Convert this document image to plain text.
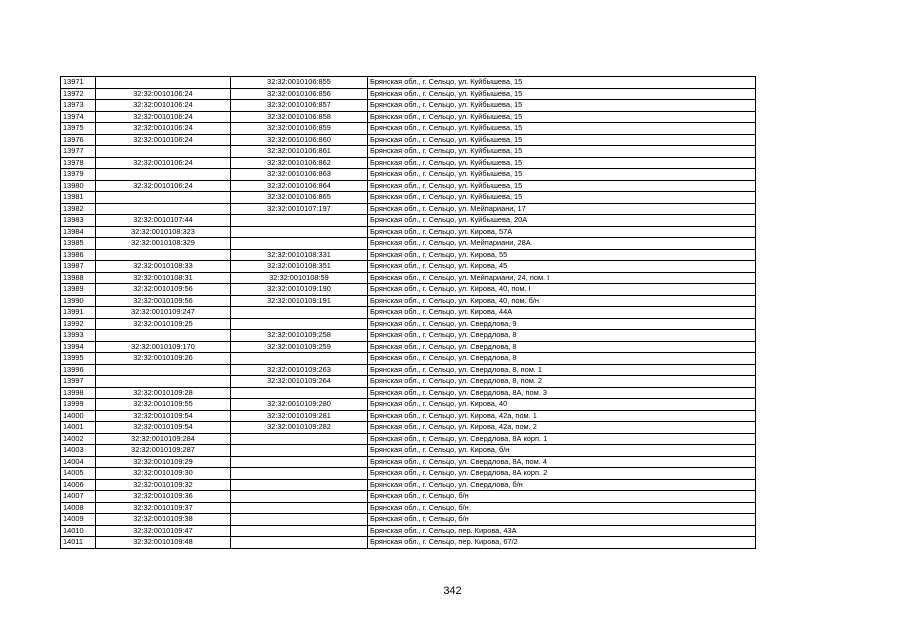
13971		32:32:0010106:855	Брянская обл., г. Сельцо, ул. Куйбышева, 15
13972	32:32:0010106:24	32:32:0010106:856	Брянская обл., г. Сельцо, ул. Куйбышева, 15
13973	32:32:0010106:24	32:32:0010106:857	Брянская обл., г. Сельцо, ул. Куйбышева, 15
13974	32:32:0010106:24	32:32:0010106:858	Брянская обл., г. Сельцо, ул. Куйбышева, 15
13975	32:32:0010106:24	32:32:0010106:859	Брянская обл., г. Сельцо, ул. Куйбышева, 15
13976	32:32:0010106:24	32:32:0010106:860	Брянская обл., г. Сельцо, ул. Куйбышева, 15
13977		32:32:0010106:861	Брянская обл., г. Сельцо, ул. Куйбышева, 15
13978	32:32:0010106:24	32:32:0010106:862	Брянская обл., г. Сельцо, ул. Куйбышева, 15
13979		32:32:0010106:863	Брянская обл., г. Сельцо, ул. Куйбышева, 15
13980	32:32:0010106:24	32:32:0010106:864	Брянская обл., г. Сельцо, ул. Куйбышева, 15
13981		32:32:0010106:865	Брянская обл., г. Сельцо, ул. Куйбышева, 15
13982		32:32:0010107:197	Брянская обл., г. Сельцо, ул. Мейпариани, 17
13983	32:32:0010107:44		Брянская обл., г. Сельцо, ул. Куйбышева, 20А
13984	32:32:0010108:323		Брянская обл., г. Сельцо, ул. Кирова, 57А
13985	32:32:0010108:329		Брянская обл., г. Сельцо, ул. Мейпариани, 28А
13986		32:32:0010108:331	Брянская обл., г. Сельцо, ул. Кирова, 55
13987	32:32:0010108:33	32:32:0010108:351	Брянская обл., г. Сельцо, ул. Кирова, 45
13988	32:32:0010108:31	32:32:0010108:59	Брянская обл., г. Сельцо, ул. Мейпариани, 24, пом. I
13989	32:32:0010109:56	32:32:0010109:190	Брянская обл., г. Сельцо, ул. Кирова, 40, пом. I
13990	32:32:0010109:56	32:32:0010109:191	Брянская обл., г. Сельцо, ул. Кирова, 40, пом. б/н
13991	32:32:0010109:247		Брянская обл., г. Сельцо, ул. Кирова, 44А
13992	32:32:0010109:25		Брянская обл., г. Сельцо, ул. Свердлова, 9
13993		32:32:0010109:258	Брянская обл., г. Сельцо, ул. Свердлова, 8
13994	32:32:0010109:170	32:32:0010109:259	Брянская обл., г. Сельцо, ул. Свердлова, 8
13995	32:32:0010109:26		Брянская обл., г. Сельцо, ул. Свердлова, 8
13996		32:32:0010109:263	Брянская обл., г. Сельцо, ул. Свердлова, 8, пом. 1
13997		32:32:0010109:264	Брянская обл., г. Сельцо, ул. Свердлова, 8, пом. 2
13998	32:32:0010109:28		Брянская обл., г. Сельцо, ул. Свердлова, 8А, пом. 3
13999	32:32:0010109:55	32:32:0010109:280	Брянская обл., г. Сельцо, ул. Кирова, 40
14000	32:32:0010109:54	32:32:0010109:281	Брянская обл., г. Сельцо, ул. Кирова, 42а, пом. 1
14001	32:32:0010109:54	32:32:0010109:282	Брянская обл., г. Сельцо, ул. Кирова, 42а, пом. 2
14002	32:32:0010109:284		Брянская обл., г. Сельцо, ул. Свердлова, 8А корп. 1
14003	32:32:0010109:287		Брянская обл., г. Сельцо, ул. Кирова, б/н
14004	32:32:0010109:29		Брянская обл., г. Сельцо, ул. Свердлова, 8А, пом. 4
14005	32:32:0010109:30		Брянская обл., г. Сельцо, ул. Свердлова, 8А корп. 2
14006	32:32:0010109:32		Брянская обл., г. Сельцо, ул. Свердлова, б/н
14007	32:32:0010109:36		Брянская обл., г. Сельцо, б/н
14008	32:32:0010109:37		Брянская обл., г. Сельцо, б/н
14009	32:32:0010109:38		Брянская обл., г. Сельцо, б/н
14010	32:32:0010109:47		Брянская обл., г. Сельцо, пер. Кирова, 43А
14011	32:32:0010109:48		Брянская обл., г. Сельцо, пер. Кирова, 67/2
342
